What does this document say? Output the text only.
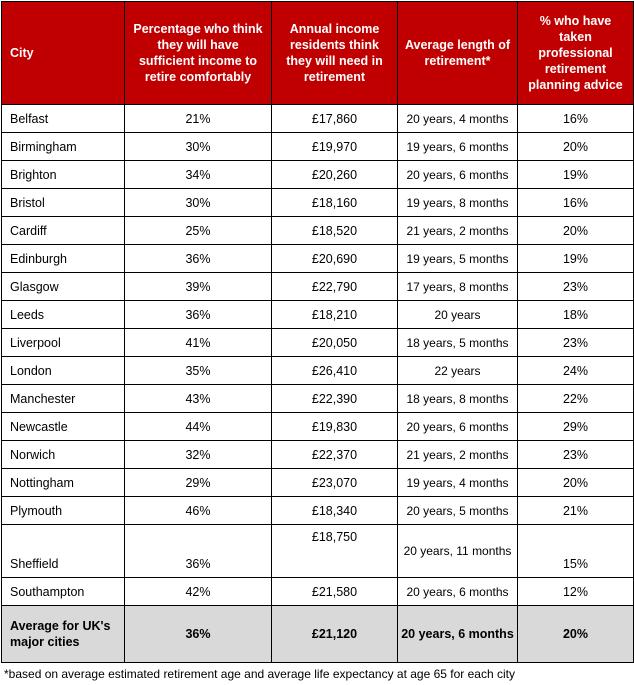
City	Percentage who think they will have sufficient income to retire comfortably	Annual income residents think they will need in retirement	Average length of retirement*	% who have taken professional retirement planning advice
Belfast	21%	£17,860	20 years, 4 months	16%
Birmingham	30%	£19,970	19 years, 6 months	20%
Brighton	34%	£20,260	20 years, 6 months	19%
Bristol	30%	£18,160	19 years, 8 months	16%
Cardiff	25%	£18,520	21 years, 2 months	20%
Edinburgh	36%	£20,690	19 years, 5 months	19%
Glasgow	39%	£22,790	17 years, 8 months	23%
Leeds	36%	£18,210	20 years	18%
Liverpool	41%	£20,050	18 years, 5 months	23%
London	35%	£26,410	22 years	24%
Manchester	43%	£22,390	18 years, 8 months	22%
Newcastle	44%	£19,830	20 years, 6 months	29%
Norwich	32%	£22,370	21 years, 2 months	23%
Nottingham	29%	£23,070	19 years, 4 months	20%
Plymouth	46%	£18,340	20 years, 5 months	21%
Sheffield	36%	£18,750	20 years, 11 months	15%
Southampton	42%	£21,580	20 years, 6 months	12%
Average for UK's major cities	36%	£21,120	20 years, 6 months	20%
*based on average estimated retirement age and average life expectancy at age 65 for each city
